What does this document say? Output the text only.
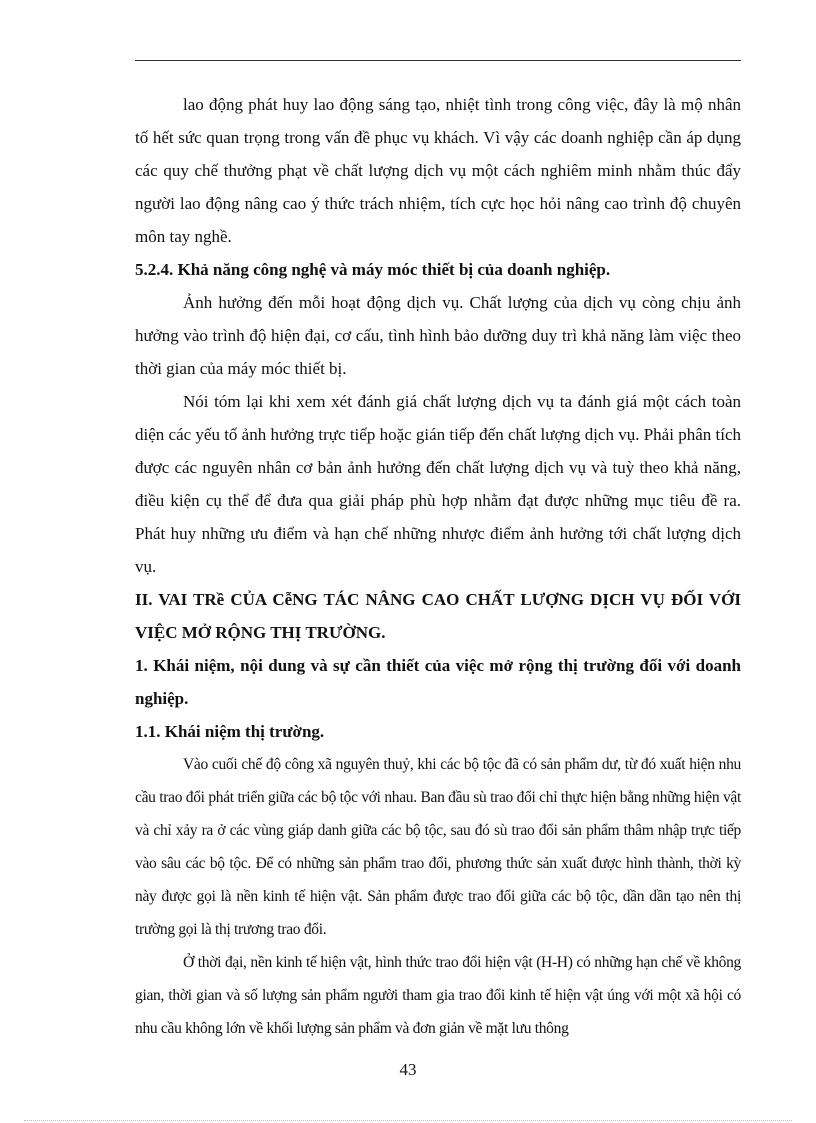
lao động phát huy lao động sáng tạo, nhiệt tình trong công việc, đây là mộ nhân tố hết sức quan trọng trong vấn đề phục vụ khách. Vì vậy các doanh nghiệp cần áp dụng các quy chế thưởng phạt về chất lượng dịch vụ một cách nghiêm minh nhằm thúc đẩy người lao động nâng cao ý thức trách nhiệm, tích cực học hỏi nâng cao trình độ chuyên môn tay nghề.

5.2.4. Khả năng công nghệ và máy móc thiết bị của doanh nghiệp.

Ảnh hưởng đến mỗi hoạt động dịch vụ. Chất lượng của dịch vụ còng chịu ảnh hưởng vào trình độ hiện đại, cơ cấu, tình hình bảo dưỡng duy trì khả năng làm việc theo thời gian của máy móc thiết bị.

Nói tóm lại khi xem xét đánh giá chất lượng dịch vụ ta đánh giá một cách toàn diện các yếu tố ảnh hưởng trực tiếp hoặc gián tiếp đến chất lượng dịch vụ. Phải phân tích được các nguyên nhân cơ bản ảnh hưởng đến chất lượng dịch vụ và tuỳ theo khả năng, điều kiện cụ thể để đưa qua giải pháp phù hợp nhằm đạt được những mục tiêu đề ra. Phát huy những ưu điểm và hạn chế những nhược điểm ảnh hưởng tới chất lượng dịch vụ.

II. VAI TRề CỦA CễNG TÁC NÂNG CAO CHẤT LƯỢNG DỊCH VỤ ĐỐI VỚI VIỆC MỞ RỘNG THỊ TRƯỜNG.

1. Khái niệm, nội dung và sự cần thiết của việc mở rộng thị trường đối với doanh nghiệp.

1.1. Khái niệm thị trường.

Vào cuối chế độ công xã nguyên thuỷ, khi các bộ tộc đã có sản phẩm dư, từ đó xuất hiện nhu cầu trao đổi phát triển giữa các bộ tộc với nhau. Ban đầu sù trao đổi chỉ thực hiện bằng những hiện vật và chỉ xảy ra ở các vùng giáp danh giữa các bộ tộc, sau đó sù trao đổi sản phẩm thâm nhập trực tiếp vào sâu các bộ tộc. Để có những sản phẩm trao đổi, phương thức sản xuất được hình thành, thời kỳ này được gọi là nền kinh tế hiện vật. Sản phẩm được trao đổi giữa các bộ tộc, dần dần tạo nên thị trường gọi là thị trương trao đổi.

Ở thời đại, nền kinh tế hiện vật, hình thức trao đổi hiện vật (H-H) có những hạn chế về không gian, thời gian và số lượng sản phẩm người tham gia trao đổi kinh tế hiện vật úng với một xã hội có nhu cầu không lớn về khối lượng sản phẩm và đơn giản về mặt lưu thông

43
